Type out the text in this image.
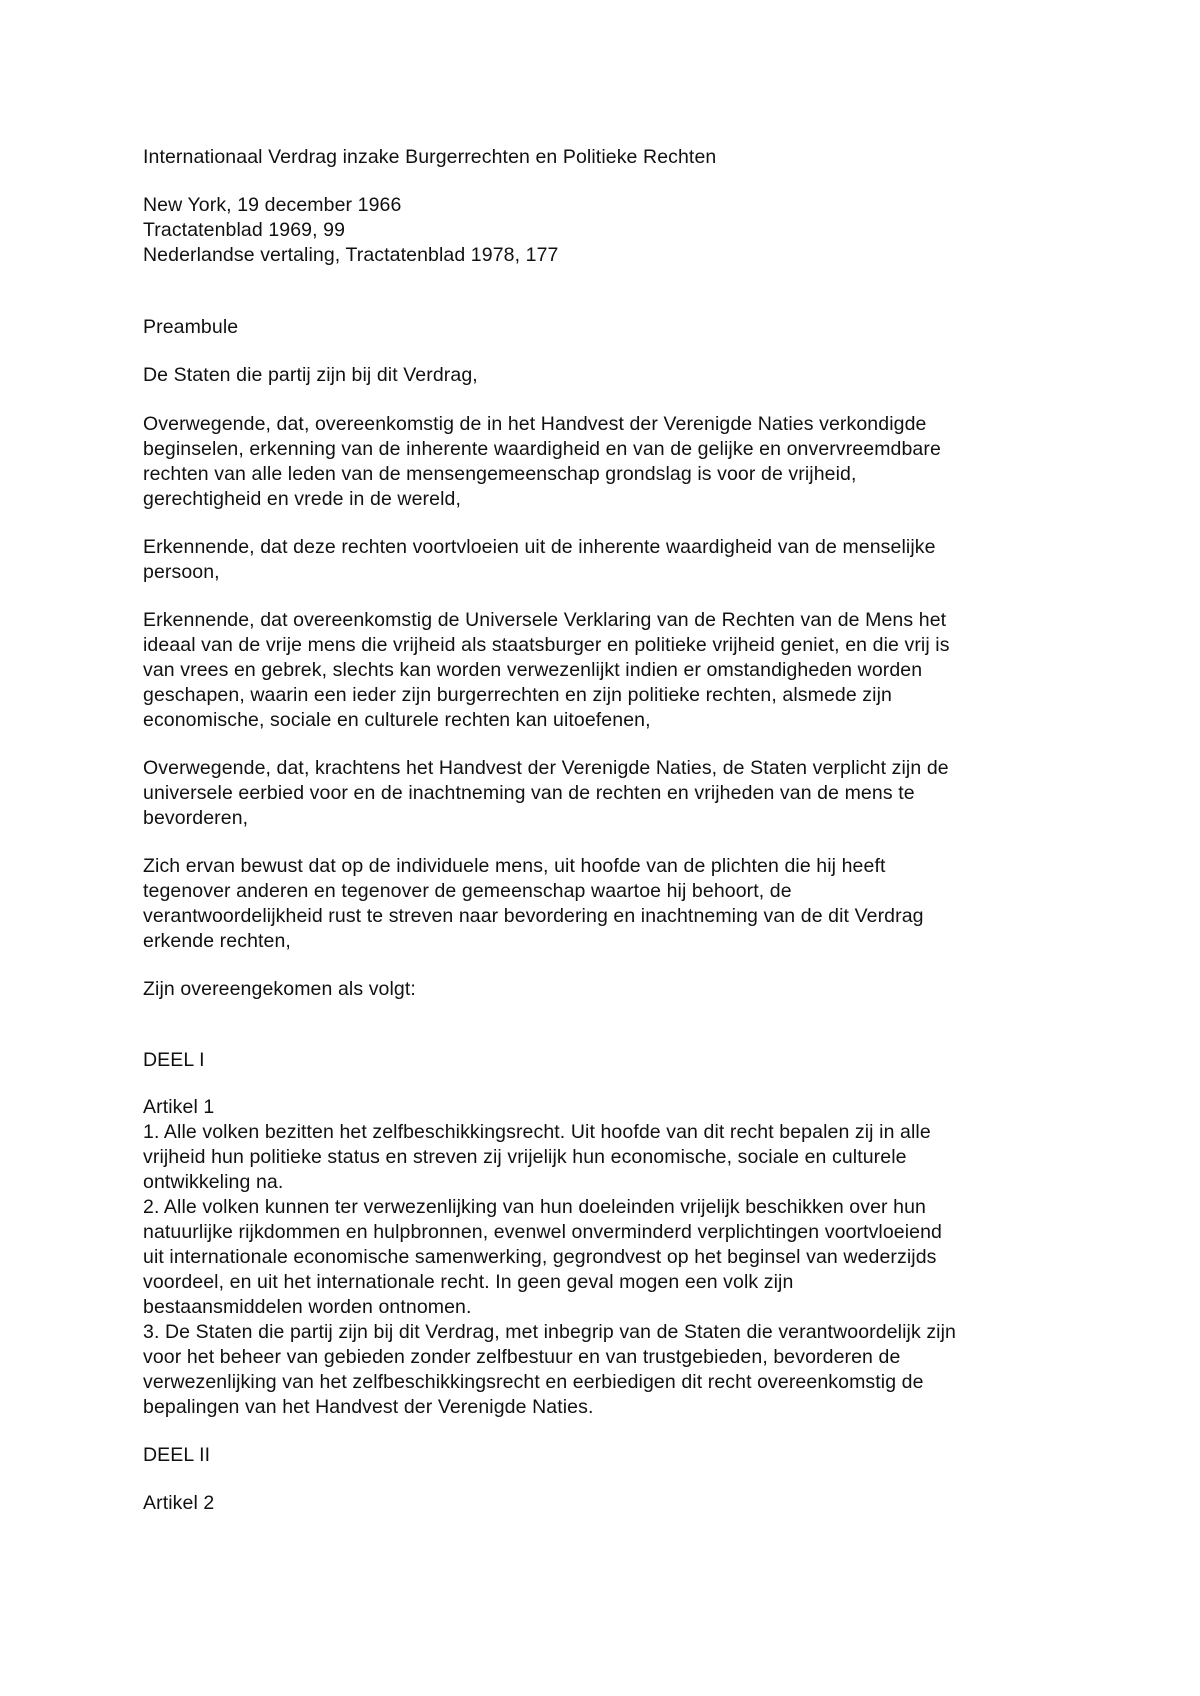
Internationaal Verdrag inzake Burgerrechten en Politieke Rechten
New York, 19 december 1966
Tractatenblad 1969, 99
Nederlandse vertaling, Tractatenblad 1978, 177
Preambule
De Staten die partij zijn bij dit Verdrag,
Overwegende, dat, overeenkomstig de in het Handvest der Verenigde Naties verkondigde
beginselen, erkenning van de inherente waardigheid en van de gelijke en onvervreemdbare
rechten van alle leden van de mensengemeenschap grondslag is voor de vrijheid,
gerechtigheid en vrede in de wereld,
Erkennende, dat deze rechten voortvloeien uit de inherente waardigheid van de menselijke
persoon,
Erkennende, dat overeenkomstig de Universele Verklaring van de Rechten van de Mens het
ideaal van de vrije mens die vrijheid als staatsburger en politieke vrijheid geniet, en die vrij is
van vrees en gebrek, slechts kan worden verwezenlijkt indien er omstandigheden worden
geschapen, waarin een ieder zijn burgerrechten en zijn politieke rechten, alsmede zijn
economische, sociale en culturele rechten kan uitoefenen,
Overwegende, dat, krachtens het Handvest der Verenigde Naties, de Staten verplicht zijn de
universele eerbied voor en de inachtneming van de rechten en vrijheden van de mens te
bevorderen,
Zich ervan bewust dat op de individuele mens, uit hoofde van de plichten die hij heeft
tegenover anderen en tegenover de gemeenschap waartoe hij behoort, de
verantwoordelijkheid rust te streven naar bevordering en inachtneming van de dit Verdrag
erkende rechten,
Zijn overeengekomen als volgt:
DEEL I
Artikel 1
1. Alle volken bezitten het zelfbeschikkingsrecht. Uit hoofde van dit recht bepalen zij in alle
vrijheid hun politieke status en streven zij vrijelijk hun economische, sociale en culturele
ontwikkeling na.
2. Alle volken kunnen ter verwezenlijking van hun doeleinden vrijelijk beschikken over hun
natuurlijke rijkdommen en hulpbronnen, evenwel onverminderd verplichtingen voortvloeiend
uit internationale economische samenwerking, gegrondvest op het beginsel van wederzijds
voordeel, en uit het internationale recht. In geen geval mogen een volk zijn
bestaansmiddelen worden ontnomen.
3. De Staten die partij zijn bij dit Verdrag, met inbegrip van de Staten die verantwoordelijk zijn
voor het beheer van gebieden zonder zelfbestuur en van trustgebieden, bevorderen de
verwezenlijking van het zelfbeschikkingsrecht en eerbiedigen dit recht overeenkomstig de
bepalingen van het Handvest der Verenigde Naties.
DEEL II
Artikel 2
